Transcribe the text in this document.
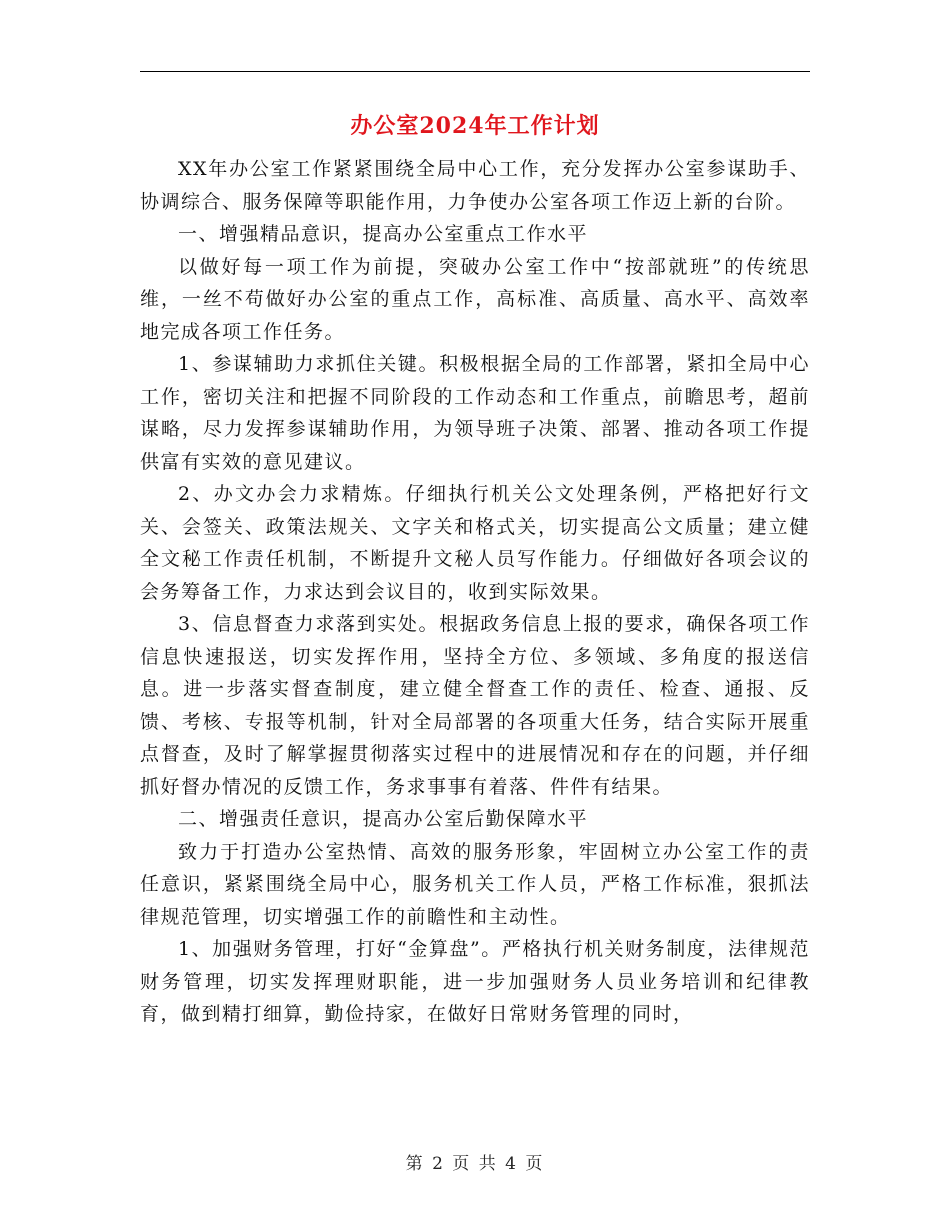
办公室2024年工作计划

XX年办公室工作紧紧围绕全局中心工作，充分发挥办公室参谋助手、协调综合、服务保障等职能作用，力争使办公室各项工作迈上新的台阶。

一、增强精品意识，提高办公室重点工作水平

以做好每一项工作为前提，突破办公室工作中“按部就班”的传统思维，一丝不苟做好办公室的重点工作，高标准、高质量、高水平、高效率地完成各项工作任务。

1、参谋辅助力求抓住关键。积极根据全局的工作部署，紧扣全局中心工作，密切关注和把握不同阶段的工作动态和工作重点，前瞻思考，超前谋略，尽力发挥参谋辅助作用，为领导班子决策、部署、推动各项工作提供富有实效的意见建议。

2、办文办会力求精炼。仔细执行机关公文处理条例，严格把好行文关、会签关、政策法规关、文字关和格式关，切实提高公文质量；建立健全文秘工作责任机制，不断提升文秘人员写作能力。仔细做好各项会议的会务筹备工作，力求达到会议目的，收到实际效果。

3、信息督查力求落到实处。根据政务信息上报的要求，确保各项工作信息快速报送，切实发挥作用，坚持全方位、多领域、多角度的报送信息。进一步落实督查制度，建立健全督查工作的责任、检查、通报、反馈、考核、专报等机制，针对全局部署的各项重大任务，结合实际开展重点督查，及时了解掌握贯彻落实过程中的进展情况和存在的问题，并仔细抓好督办情况的反馈工作，务求事事有着落、件件有结果。

二、增强责任意识，提高办公室后勤保障水平

致力于打造办公室热情、高效的服务形象，牢固树立办公室工作的责任意识，紧紧围绕全局中心，服务机关工作人员，严格工作标准，狠抓法律规范管理，切实增强工作的前瞻性和主动性。

1、加强财务管理，打好“金算盘”。严格执行机关财务制度，法律规范财务管理，切实发挥理财职能，进一步加强财务人员业务培训和纪律教育，做到精打细算，勤俭持家，在做好日常财务管理的同时，

第 2 页 共 4 页
